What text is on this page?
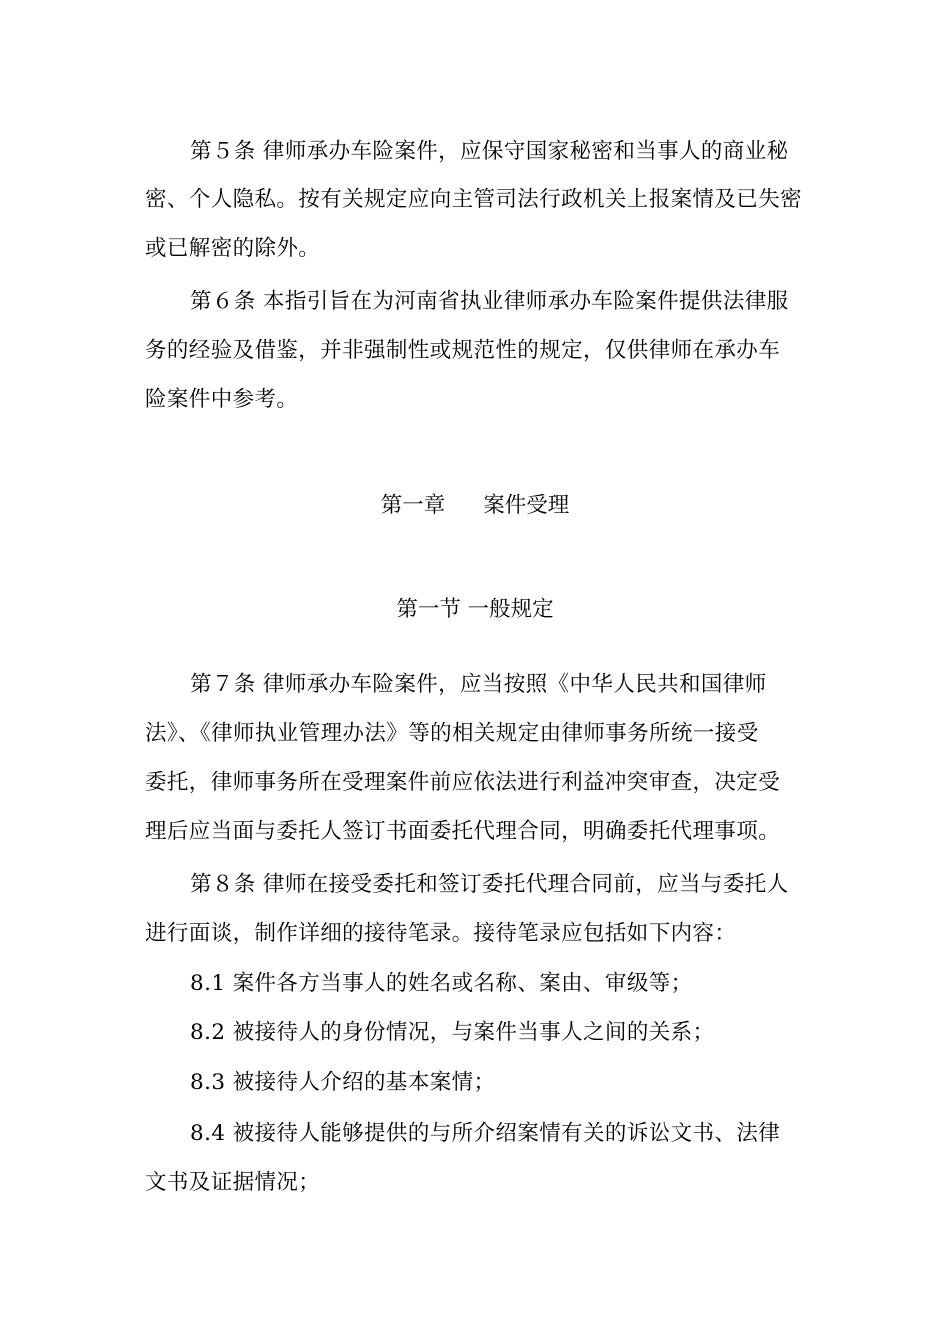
第５条 律师承办车险案件，应保守国家秘密和当事人的商业秘
密、个人隐私。按有关规定应向主管司法行政机关上报案情及已失密
或已解密的除外。
第６条 本指引旨在为河南省执业律师承办车险案件提供法律服
务的经验及借鉴，并非强制性或规范性的规定，仅供律师在承办车
险案件中参考。
第一章 案件受理
第一节 一般规定
第７条 律师承办车险案件，应当按照《中华人民共和国律师
法》、《律师执业管理办法》等的相关规定由律师事务所统一接受
委托，律师事务所在受理案件前应依法进行利益冲突审查，决定受
理后应当面与委托人签订书面委托代理合同，明确委托代理事项。
第８条 律师在接受委托和签订委托代理合同前，应当与委托人
进行面谈，制作详细的接待笔录。接待笔录应包括如下内容：
8.1 案件各方当事人的姓名或名称、案由、审级等；
8.2 被接待人的身份情况，与案件当事人之间的关系；
8.3 被接待人介绍的基本案情；
8.4 被接待人能够提供的与所介绍案情有关的诉讼文书、法律
文书及证据情况；
